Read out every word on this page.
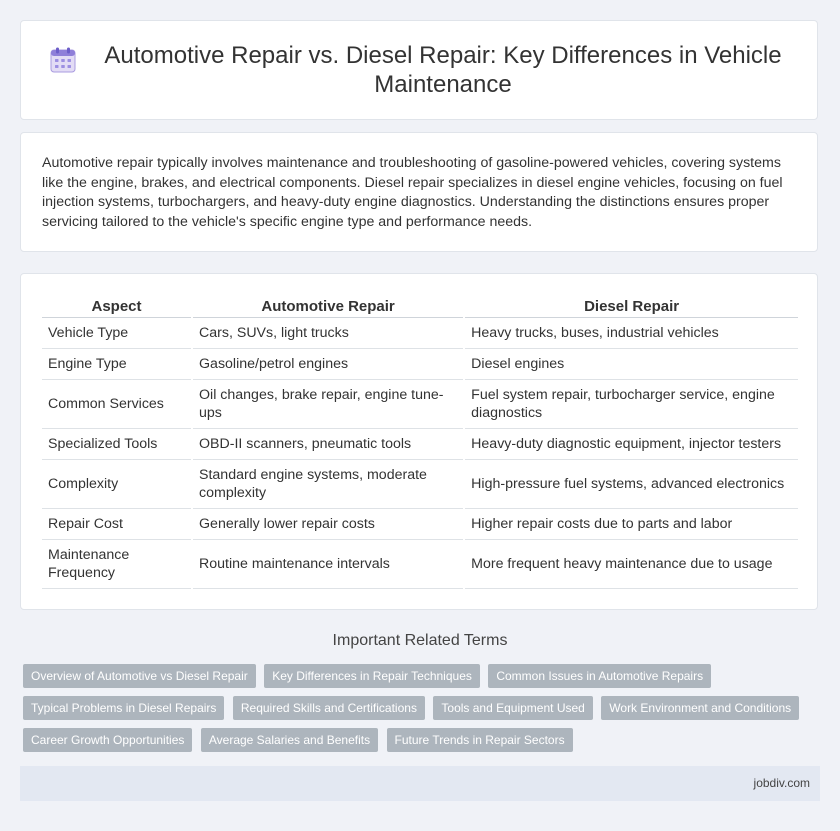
Automotive Repair vs. Diesel Repair: Key Differences in Vehicle Maintenance

Automotive repair typically involves maintenance and troubleshooting of gasoline-powered vehicles, covering systems like the engine, brakes, and electrical components. Diesel repair specializes in diesel engine vehicles, focusing on fuel injection systems, turbochargers, and heavy-duty engine diagnostics. Understanding the distinctions ensures proper servicing tailored to the vehicle's specific engine type and performance needs.

Aspect	Automotive Repair	Diesel Repair
Vehicle Type	Cars, SUVs, light trucks	Heavy trucks, buses, industrial vehicles
Engine Type	Gasoline/petrol engines	Diesel engines
Common Services	Oil changes, brake repair, engine tune-ups	Fuel system repair, turbocharger service, engine diagnostics
Specialized Tools	OBD-II scanners, pneumatic tools	Heavy-duty diagnostic equipment, injector testers
Complexity	Standard engine systems, moderate complexity	High-pressure fuel systems, advanced electronics
Repair Cost	Generally lower repair costs	Higher repair costs due to parts and labor
Maintenance Frequency	Routine maintenance intervals	More frequent heavy maintenance due to usage
Important Related Terms
Overview of Automotive vs Diesel Repair Key Differences in Repair Techniques Common Issues in Automotive Repairs Typical Problems in Diesel Repairs Required Skills and Certifications Tools and Equipment Used Work Environment and Conditions Career Growth Opportunities Average Salaries and Benefits Future Trends in Repair Sectors
jobdiv.com
